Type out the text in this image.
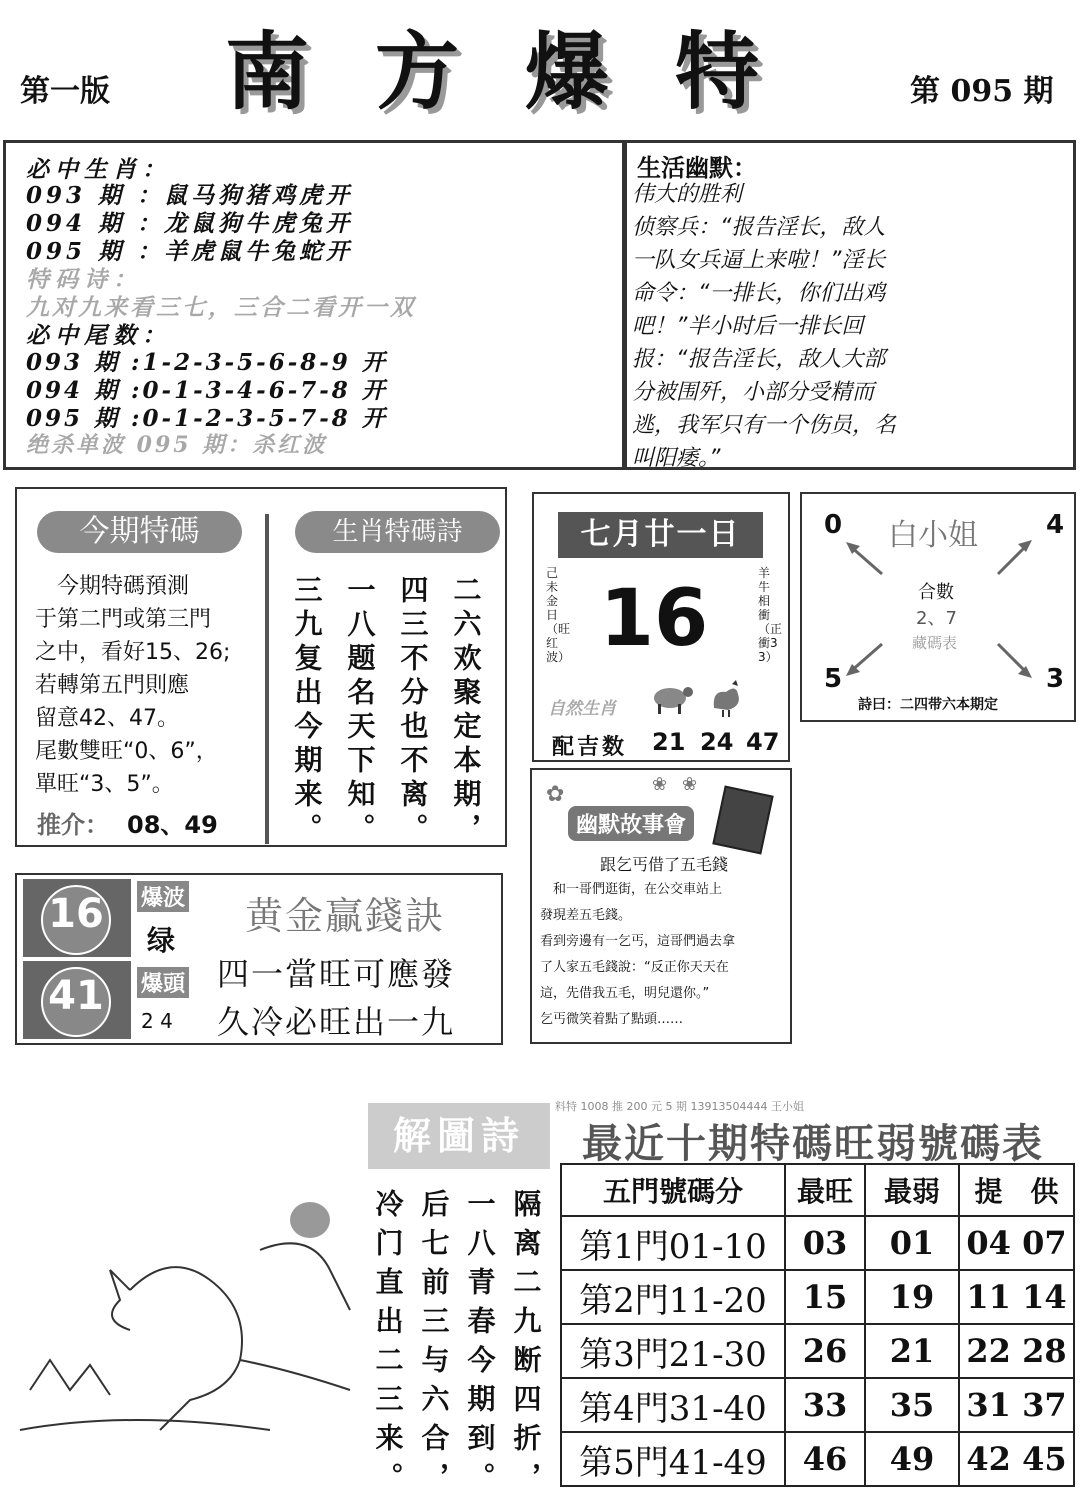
第一版 南 方 爆 特	第 095 期
必中生肖：
093 期 ：鼠马狗猪鸡虎开
094 期 ：龙鼠狗牛虎兔开
095 期 ：羊虎鼠牛兔蛇开
特码诗：
九对九来看三七，三合二看开一双
必中尾数：
093 期 :1-2-3-5-6-8-9 开
094 期 :0-1-3-4-6-7-8 开
095 期 :0-1-2-3-5-7-8 开
绝杀单波 095 期：杀红波
生活幽默：
伟大的胜利
侦察兵：“报告淫长，敌人
一队女兵逼上来啦！”淫长
命令：“一排长，你们出鸡
吧！”半小时后一排长回
报：“报告淫长，敌人大部
分被围歼，小部分受精而
逃，我军只有一个伤员，名
叫阳痿。”
今期特碼
　今期特碼預測
于第二門或第三門
之中，看好15、26;
若轉第五門則應
留意42、47。
尾數雙旺“0、6”，
單旺“3、5”。
推介： 08、49
生肖特碼詩
三九复出今期来。 一八题名天下知。 四三不分也不离。 二六欢聚定本期，
七月廿一日
己未金日（旺红波） 16
羊牛相衝（正衝33）
自然生肖
配吉数 21 24 47
0	4
5	3
白小姐
合數
2、7
藏碼表
詩曰：二四带六本期定
✿	❀ ❀
幽默故事會
跟乞丐借了五毛錢
　和一哥們逛街，在公交車站上
發現差五毛錢。
看到旁邊有一乞丐，這哥們過去拿
了人家五毛錢說：“反正你天天在
這，先借我五毛，明兒還你。”
乞丐微笑着點了點頭……
16
41
爆波
绿
爆頭
2 4
黄金贏錢訣
四一當旺可應發
久冷必旺出一九
解圖詩
冷门直出二三来。 后七前三与六合， 一八青春今期到。 隔离二九断四折，
料特 1008 推 200 元 5 期 13913504444 王小姐
最近十期特碼旺弱號碼表
五門號碼分	最旺	最弱	提　供
第1門01-10	03	01	04 07
第2門11-20	15	19	11 14
第3門21-30	26	21	22 28
第4門31-40	33	35	31 37
第5門41-49	46	49	42 45
